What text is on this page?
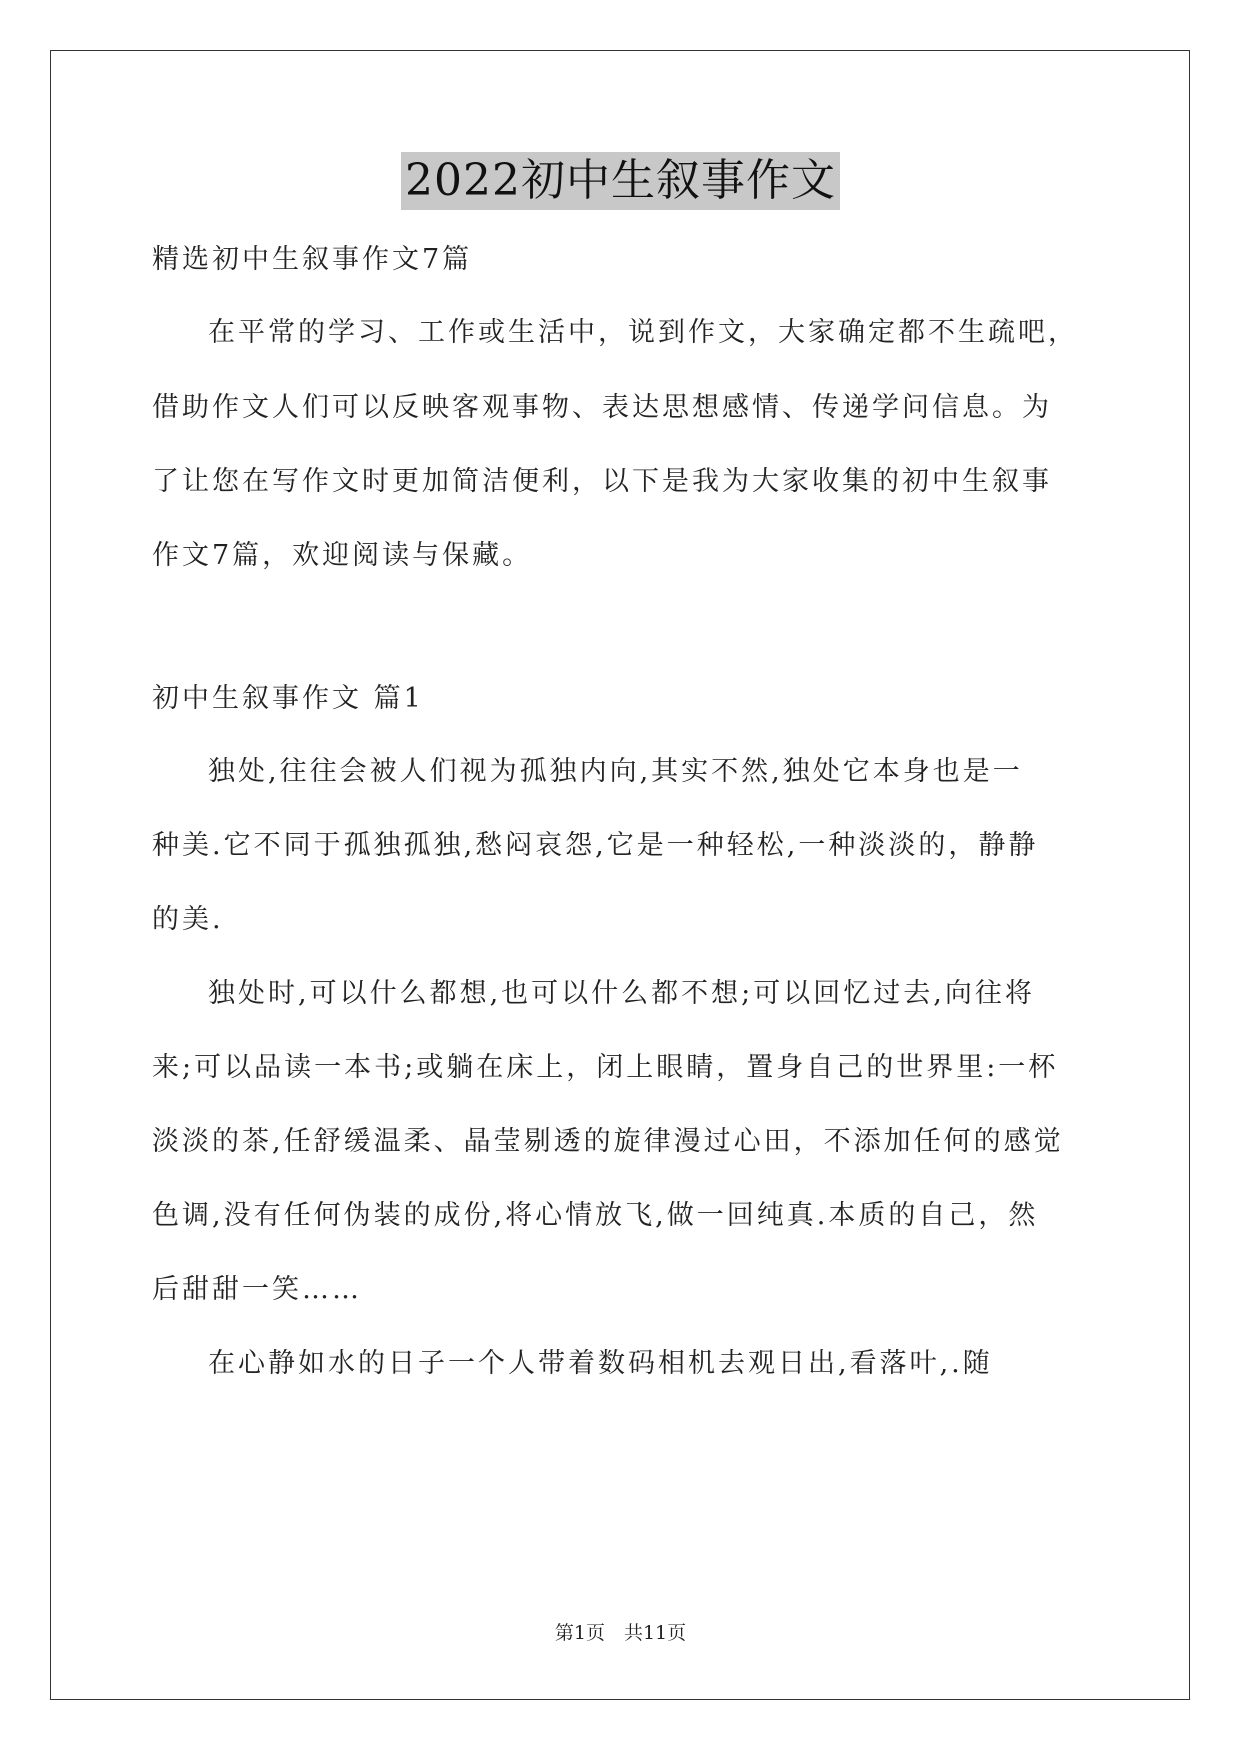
2022初中生叙事作文
精选初中生叙事作文7篇
在平常的学习、工作或生活中，说到作文，大家确定都不生疏吧，
借助作文人们可以反映客观事物、表达思想感情、传递学问信息。为
了让您在写作文时更加简洁便利，以下是我为大家收集的初中生叙事
作文7篇，欢迎阅读与保藏。
初中生叙事作文 篇1
独处,往往会被人们视为孤独内向,其实不然,独处它本身也是一
种美.它不同于孤独孤独,愁闷哀怨,它是一种轻松,一种淡淡的，静静
的美.
独处时,可以什么都想,也可以什么都不想;可以回忆过去,向往将
来;可以品读一本书;或躺在床上，闭上眼睛，置身自己的世界里:一杯
淡淡的茶,任舒缓温柔、晶莹剔透的旋律漫过心田，不添加任何的感觉
色调,没有任何伪装的成份,将心情放飞,做一回纯真.本质的自己，然
后甜甜一笑……
在心静如水的日子一个人带着数码相机去观日出,看落叶,.随
第1页　共11页
